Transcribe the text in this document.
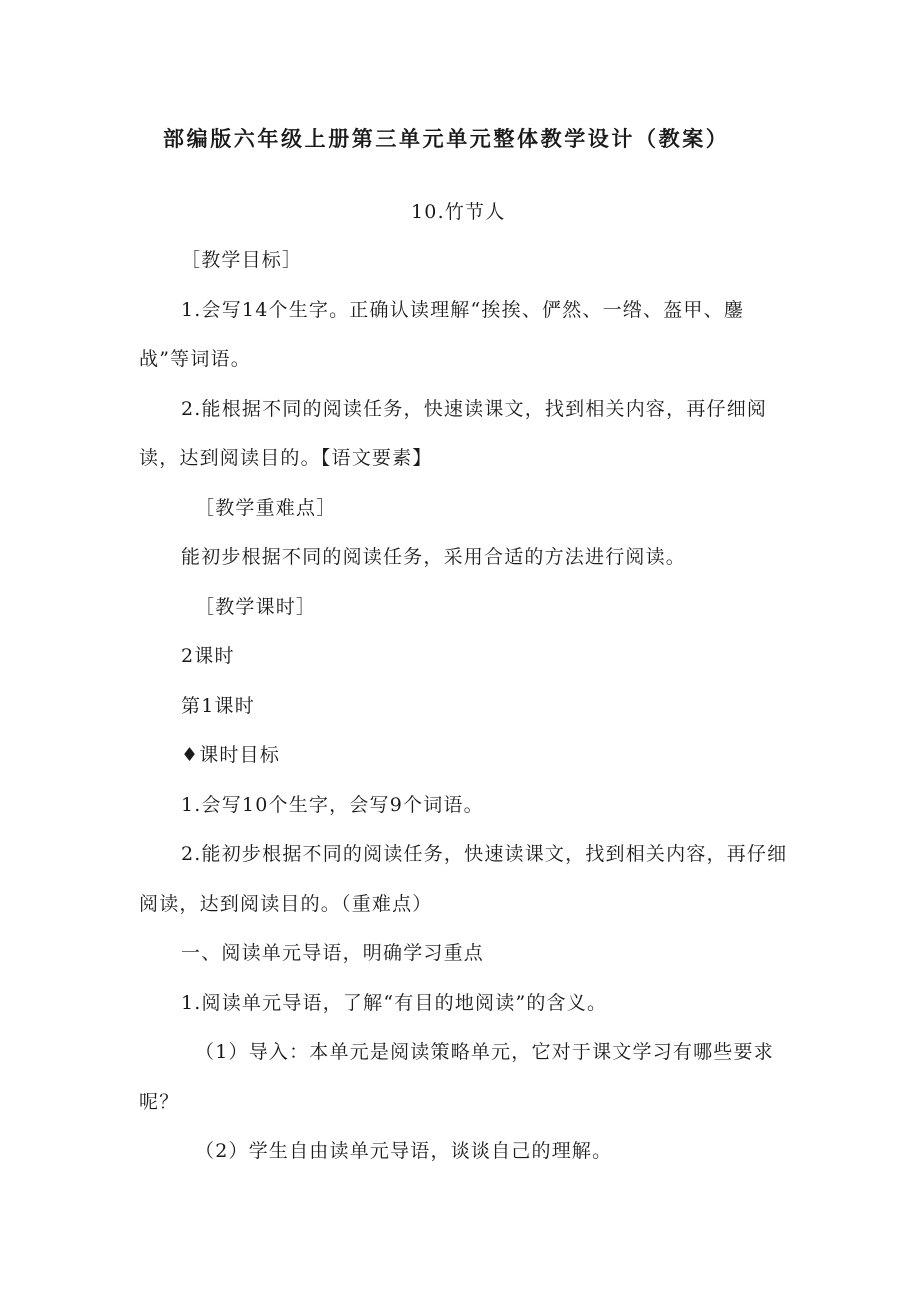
部编版六年级上册第三单元单元整体教学设计（教案）
10.竹节人
［教学目标］
1.会写14个生字。正确认读理解“挨挨、俨然、一绺、盔甲、鏖
战”等词语。
2.能根据不同的阅读任务，快速读课文，找到相关内容，再仔细阅
读，达到阅读目的。【语文要素】
［教学重难点］
能初步根据不同的阅读任务，采用合适的方法进行阅读。
［教学课时］
2课时
第1课时
♦课时目标
1.会写10个生字，会写9个词语。
2.能初步根据不同的阅读任务，快速读课文，找到相关内容，再仔细
阅读，达到阅读目的。（重难点）
一、阅读单元导语，明确学习重点
1.阅读单元导语，了解“有目的地阅读”的含义。
（1）导入：本单元是阅读策略单元，它对于课文学习有哪些要求
呢？
（2）学生自由读单元导语，谈谈自己的理解。
